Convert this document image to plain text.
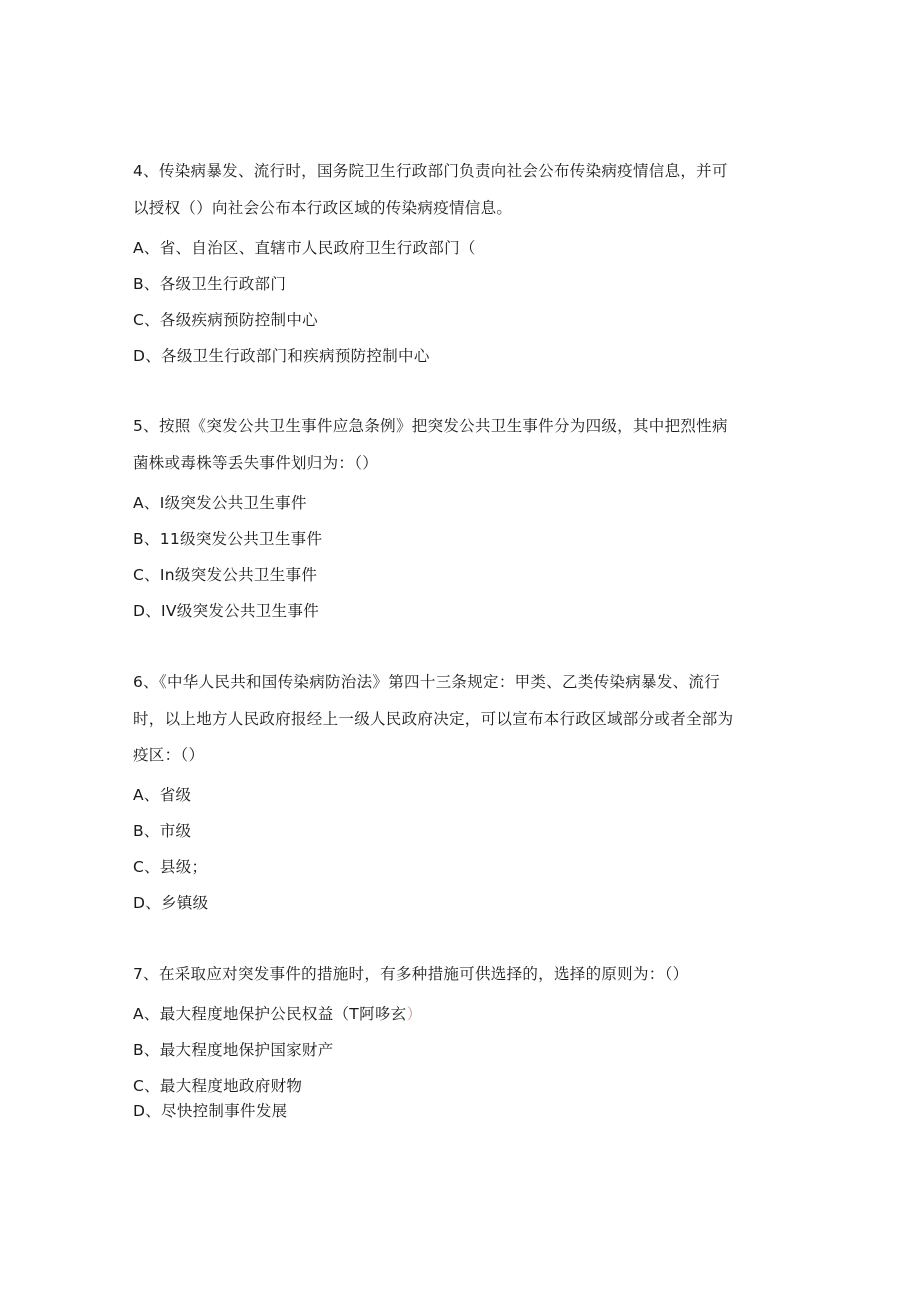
4、传染病暴发、流行时，国务院卫生行政部门负责向社会公布传染病疫情信息，并可
以授权（）向社会公布本行政区域的传染病疫情信息。
A、省、自治区、直辖市人民政府卫生行政部门（
B、各级卫生行政部门
C、各级疾病预防控制中心
D、各级卫生行政部门和疾病预防控制中心
5、按照《突发公共卫生事件应急条例》把突发公共卫生事件分为四级，其中把烈性病
菌株或毒株等丢失事件划归为：（）
A、I级突发公共卫生事件
B、11级突发公共卫生事件
C、In级突发公共卫生事件
D、IV级突发公共卫生事件
6、《中华人民共和国传染病防治法》第四十三条规定：甲类、乙类传染病暴发、流行
时，以上地方人民政府报经上一级人民政府决定，可以宣布本行政区域部分或者全部为
疫区：（）
A、省级
B、市级
C、县级；
D、乡镇级
7、在采取应对突发事件的措施时，有多种措施可供选择的，选择的原则为：（）
A、最大程度地保护公民权益（T阿哆玄）
B、最大程度地保护国家财产
C、最大程度地政府财物
D、尽快控制事件发展
